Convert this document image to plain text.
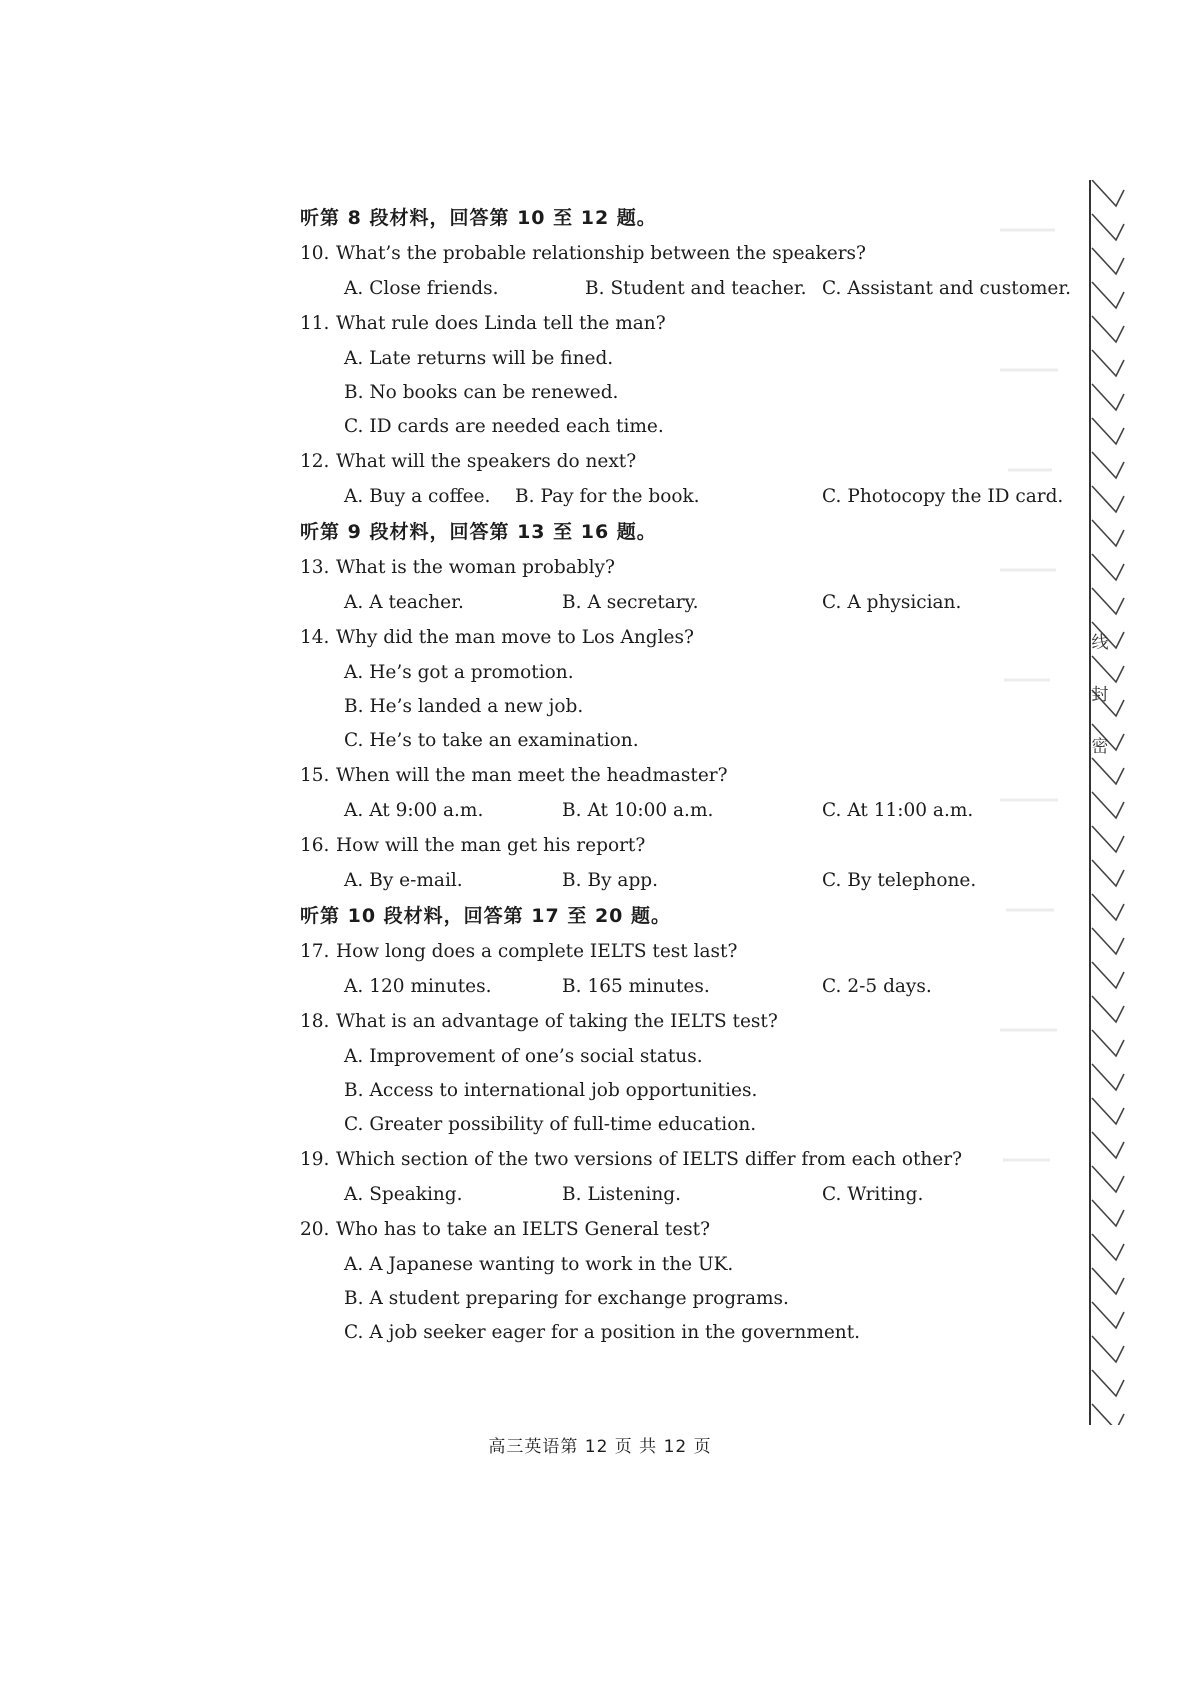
听第 8 段材料，回答第 10 至 12 题。
10. What’s the probable relationship between the speakers?
A. Close friends.	B. Student and teacher. C. Assistant and customer.
11. What rule does Linda tell the man?
A. Late returns will be fined.
B. No books can be renewed.
C. ID cards are needed each time.
12. What will the speakers do next?
A. Buy a coffee. B. Pay for the book.	C. Photocopy the ID card.
听第 9 段材料，回答第 13 至 16 题。
13. What is the woman probably?
A. A teacher.	B. A secretary.	C. A physician.
14. Why did the man move to Los Angles?
A. He’s got a promotion.
B. He’s landed a new job.
C. He’s to take an examination.
15. When will the man meet the headmaster?
A. At 9:00 a.m.	B. At 10:00 a.m.	C. At 11:00 a.m.
16. How will the man get his report?
A. By e-mail.	B. By app.	C. By telephone.
听第 10 段材料，回答第 17 至 20 题。
17. How long does a complete IELTS test last?
A. 120 minutes.	B. 165 minutes.	C. 2-5 days.
18. What is an advantage of taking the IELTS test?
A. Improvement of one’s social status.
B. Access to international job opportunities.
C. Greater possibility of full-time education.
19. Which section of the two versions of IELTS differ from each other?
A. Speaking.	B. Listening.	C. Writing.
20. Who has to take an IELTS General test?
A. A Japanese wanting to work in the UK.
B. A student preparing for exchange programs.
C. A job seeker eager for a position in the government.
线
封
密
高三英语第 12 页 共 12 页
